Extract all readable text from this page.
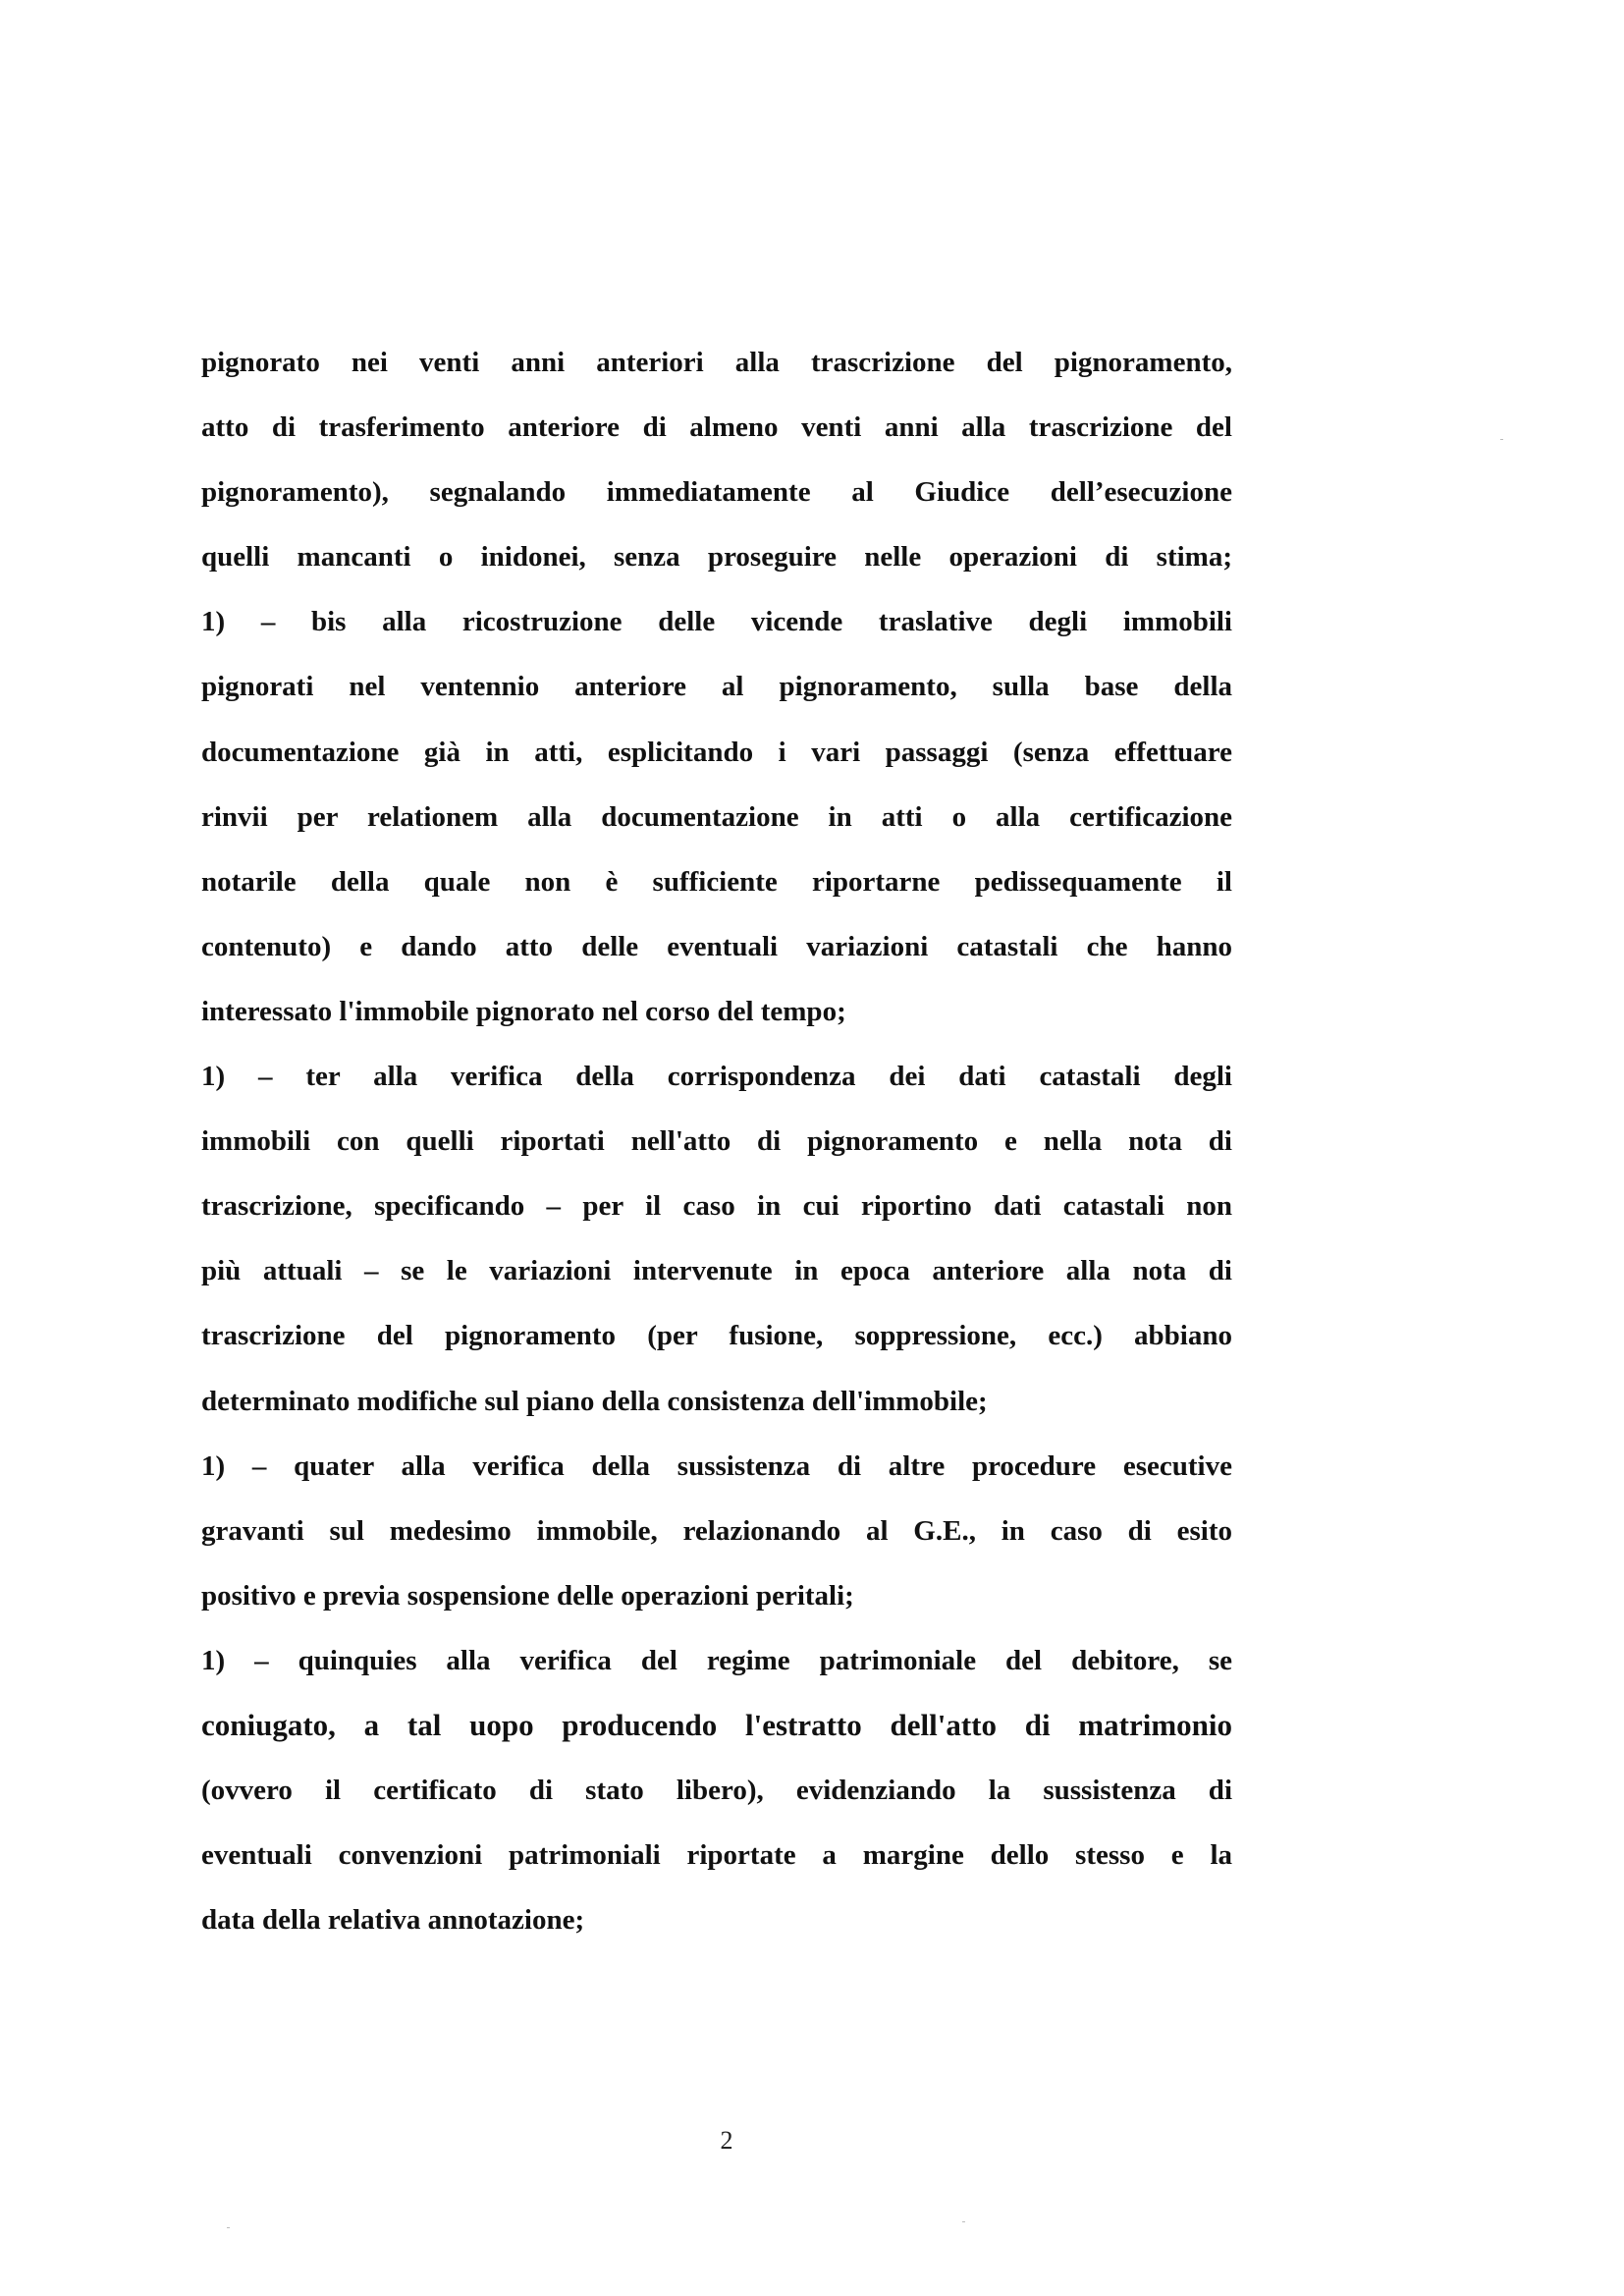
pignorato nei venti anni anteriori alla trascrizione del pignoramento,
atto di trasferimento anteriore di almeno venti anni alla trascrizione del
pignoramento), segnalando immediatamente al Giudice dell’esecuzione
quelli mancanti o inidonei, senza proseguire nelle operazioni di stima;
1) – bis alla ricostruzione delle vicende traslative degli immobili
pignorati nel ventennio anteriore al pignoramento, sulla base della
documentazione già in atti, esplicitando i vari passaggi (senza effettuare
rinvii per relationem alla documentazione in atti o alla certificazione
notarile della quale non è sufficiente riportarne pedissequamente il
contenuto) e dando atto delle eventuali variazioni catastali che hanno
interessato l'immobile pignorato nel corso del tempo;
1) – ter alla verifica della corrispondenza dei dati catastali degli
immobili con quelli riportati nell'atto di pignoramento e nella nota di
trascrizione, specificando – per il caso in cui riportino dati catastali non
più attuali – se le variazioni intervenute in epoca anteriore alla nota di
trascrizione del pignoramento (per fusione, soppressione, ecc.) abbiano
determinato modifiche sul piano della consistenza dell'immobile;
1) – quater alla verifica della sussistenza di altre procedure esecutive
gravanti sul medesimo immobile, relazionando al G.E., in caso di esito
positivo e previa sospensione delle operazioni peritali;
1) – quinquies alla verifica del regime patrimoniale del debitore, se
coniugato, a tal uopo producendo l'estratto dell'atto di matrimonio
(ovvero il certificato di stato libero), evidenziando la sussistenza di
eventuali convenzioni patrimoniali riportate a margine dello stesso e la
data della relativa annotazione;
2
